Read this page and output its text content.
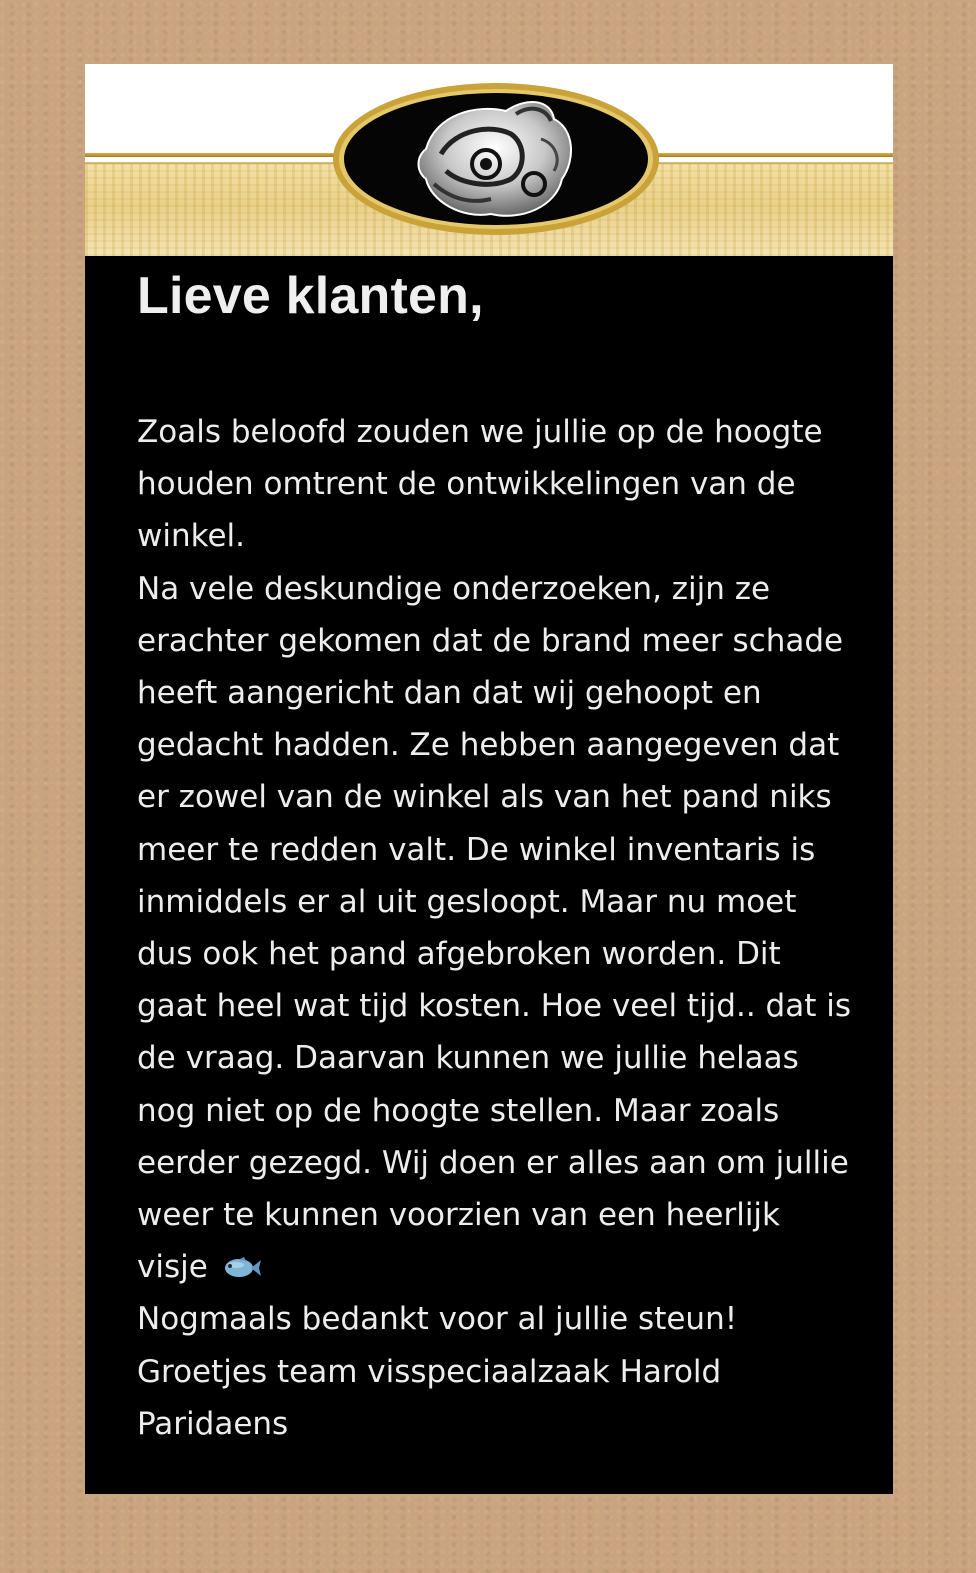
Lieve klanten,
Zoals beloofd zouden we jullie op de hoogte houden omtrent de ontwikkelingen van de winkel.
Na vele deskundige onderzoeken, zijn ze erachter gekomen dat de brand meer schade heeft aangericht dan dat wij gehoopt en gedacht hadden. Ze hebben aangegeven dat er zowel van de winkel als van het pand niks meer te redden valt. De winkel inventaris is inmiddels er al uit gesloopt. Maar nu moet dus ook het pand afgebroken worden. Dit gaat heel wat tijd kosten. Hoe veel tijd.. dat is de vraag. Daarvan kunnen we jullie helaas nog niet op de hoogte stellen. Maar zoals eerder gezegd. Wij doen er alles aan om jullie weer te kunnen voorzien van een heerlijk visje
Nogmaals bedankt voor al jullie steun!
Groetjes team visspeciaalzaak Harold Paridaens
